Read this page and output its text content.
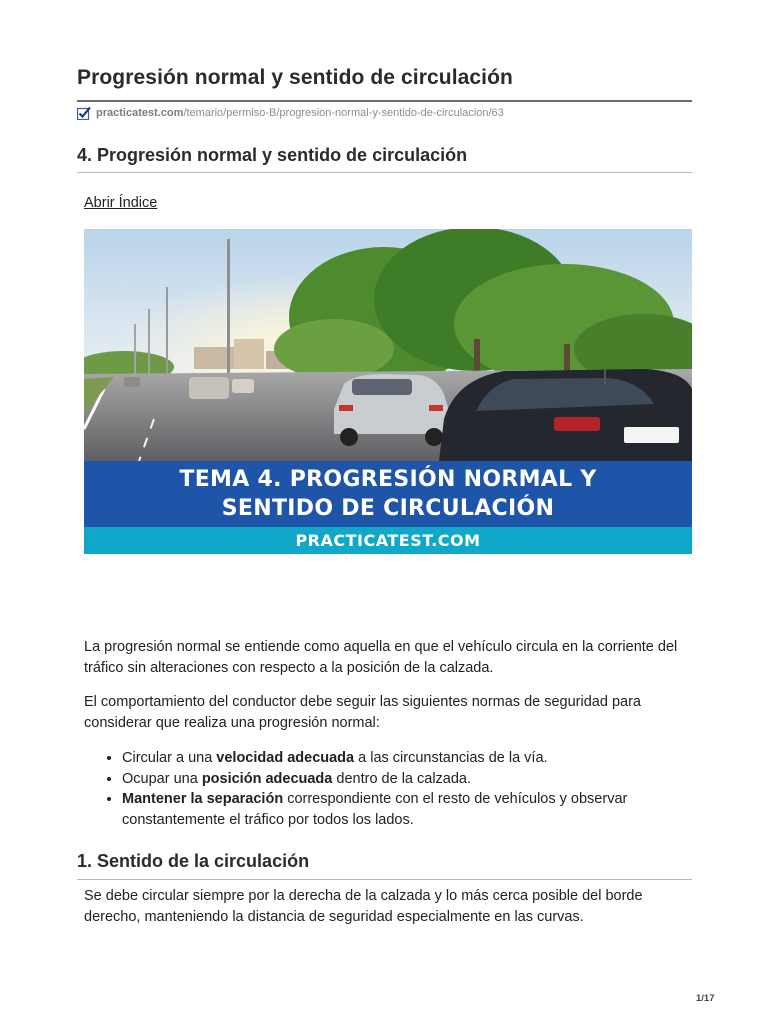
Progresión normal y sentido de circulación
practicatest.com /temario/permiso-B/progresion-normal-y-sentido-de-circulacion/63
4. Progresión normal y sentido de circulación
Abrir Índice
TEMA 4. PROGRESIÓN NORMAL Y
SENTIDO DE CIRCULACIÓN
PRACTICATEST.COM

La progresión normal se entiende como aquella en que el vehículo circula en la corriente del tráfico sin alteraciones con respecto a la posición de la calzada.

El comportamiento del conductor debe seguir las siguientes normas de seguridad para considerar que realiza una progresión normal:

• Circular a una velocidad adecuada a las circunstancias de la vía.
• Ocupar una posición adecuada dentro de la calzada.
• Mantener la separación correspondiente con el resto de vehículos y observar constantemente el tráfico por todos los lados.
1. Sentido de la circulación

Se debe circular siempre por la derecha de la calzada y lo más cerca posible del borde derecho, manteniendo la distancia de seguridad especialmente en las curvas.

1/17
